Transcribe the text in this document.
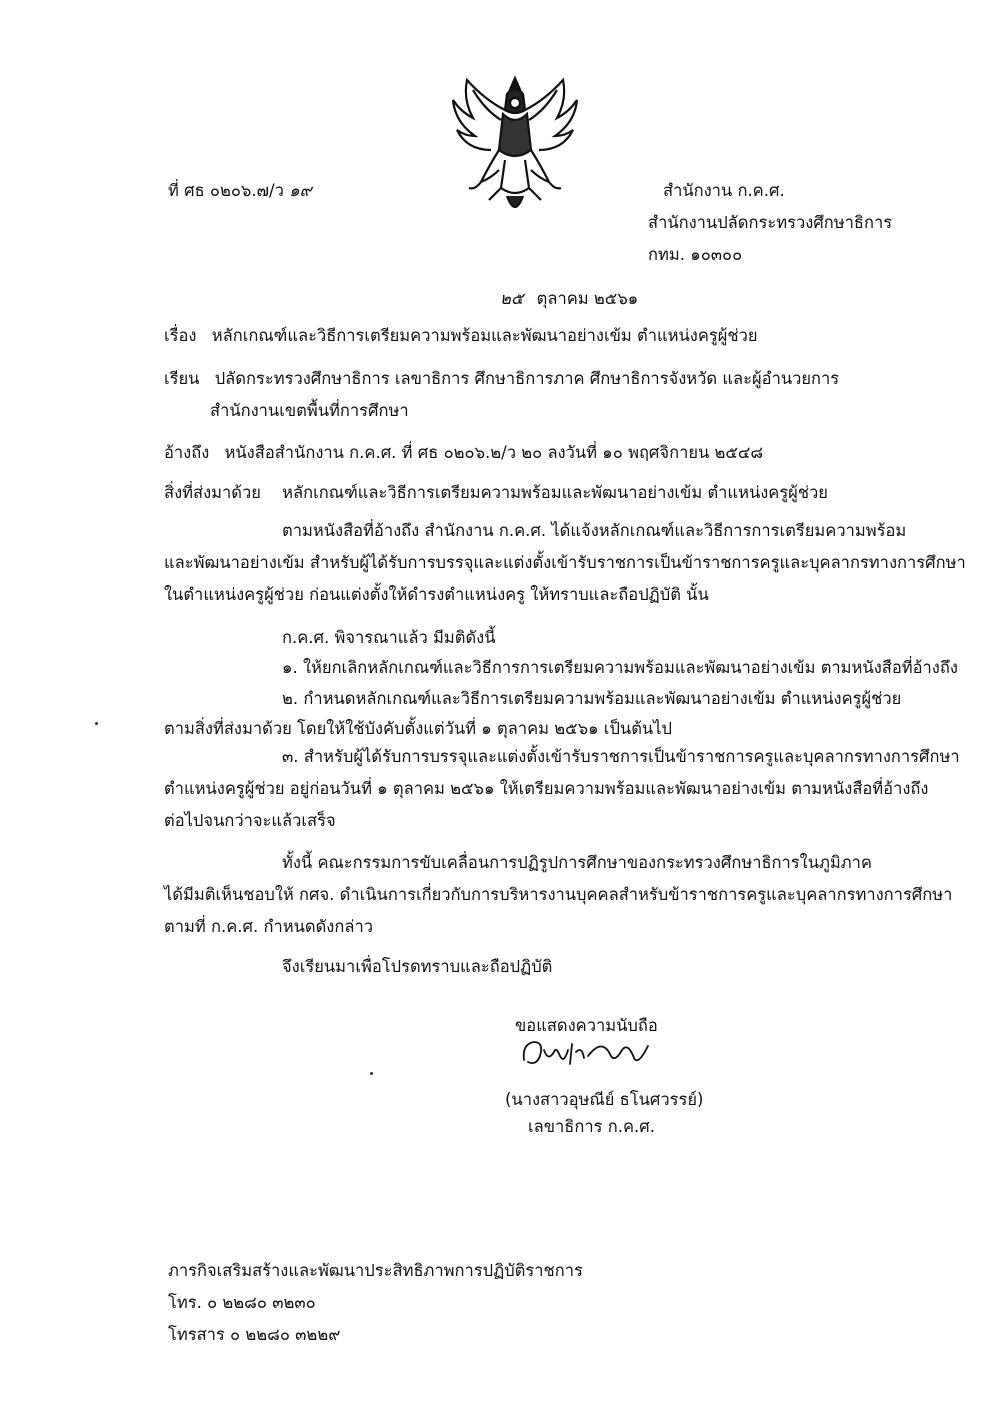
ที่ ศธ ๐๒๐๖.๗/ว ๑๙	สำนักงาน ก.ค.ศ.
สำนักงานปลัดกระทรวงศึกษาธิการ
กทม. ๑๐๓๐๐
๒๕ ตุลาคม ๒๕๖๑
เรื่อง หลักเกณฑ์และวิธีการเตรียมความพร้อมและพัฒนาอย่างเข้ม ตำแหน่งครูผู้ช่วย
เรียน ปลัดกระทรวงศึกษาธิการ เลขาธิการ ศึกษาธิการภาค ศึกษาธิการจังหวัด และผู้อำนวยการ
สำนักงานเขตพื้นที่การศึกษา
อ้างถึง หนังสือสำนักงาน ก.ค.ศ. ที่ ศธ ๐๒๐๖.๒/ว ๒๐ ลงวันที่ ๑๐ พฤศจิกายน ๒๕๔๘
สิ่งที่ส่งมาด้วย หลักเกณฑ์และวิธีการเตรียมความพร้อมและพัฒนาอย่างเข้ม ตำแหน่งครูผู้ช่วย
ตามหนังสือที่อ้างถึง สำนักงาน ก.ค.ศ. ได้แจ้งหลักเกณฑ์และวิธีการการเตรียมความพร้อม
และพัฒนาอย่างเข้ม สำหรับผู้ได้รับการบรรจุและแต่งตั้งเข้ารับราชการเป็นข้าราชการครูและบุคลากรทางการศึกษา
ในตำแหน่งครูผู้ช่วย ก่อนแต่งตั้งให้ดำรงตำแหน่งครู ให้ทราบและถือปฏิบัติ นั้น
ก.ค.ศ. พิจารณาแล้ว มีมติดังนี้
๑. ให้ยกเลิกหลักเกณฑ์และวิธีการการเตรียมความพร้อมและพัฒนาอย่างเข้ม ตามหนังสือที่อ้างถึง
๒. กำหนดหลักเกณฑ์และวิธีการเตรียมความพร้อมและพัฒนาอย่างเข้ม ตำแหน่งครูผู้ช่วย
ตามสิ่งที่ส่งมาด้วย โดยให้ใช้บังคับตั้งแต่วันที่ ๑ ตุลาคม ๒๕๖๑ เป็นต้นไป
๓. สำหรับผู้ได้รับการบรรจุและแต่งตั้งเข้ารับราชการเป็นข้าราชการครูและบุคลากรทางการศึกษา
ตำแหน่งครูผู้ช่วย อยู่ก่อนวันที่ ๑ ตุลาคม ๒๕๖๑ ให้เตรียมความพร้อมและพัฒนาอย่างเข้ม ตามหนังสือที่อ้างถึง
ต่อไปจนกว่าจะแล้วเสร็จ
ทั้งนี้ คณะกรรมการขับเคลื่อนการปฏิรูปการศึกษาของกระทรวงศึกษาธิการในภูมิภาค
ได้มีมติเห็นชอบให้ กศจ. ดำเนินการเกี่ยวกับการบริหารงานบุคคลสำหรับข้าราชการครูและบุคลากรทางการศึกษา
ตามที่ ก.ค.ศ. กำหนดดังกล่าว
จึงเรียนมาเพื่อโปรดทราบและถือปฏิบัติ
ขอแสดงความนับถือ
(นางสาวอุษณีย์ ธโนศวรรย์)
เลขาธิการ ก.ค.ศ.
ภารกิจเสริมสร้างและพัฒนาประสิทธิภาพการปฏิบัติราชการ
โทร. ๐ ๒๒๘๐ ๓๒๓๐
โทรสาร ๐ ๒๒๘๐ ๓๒๒๙
